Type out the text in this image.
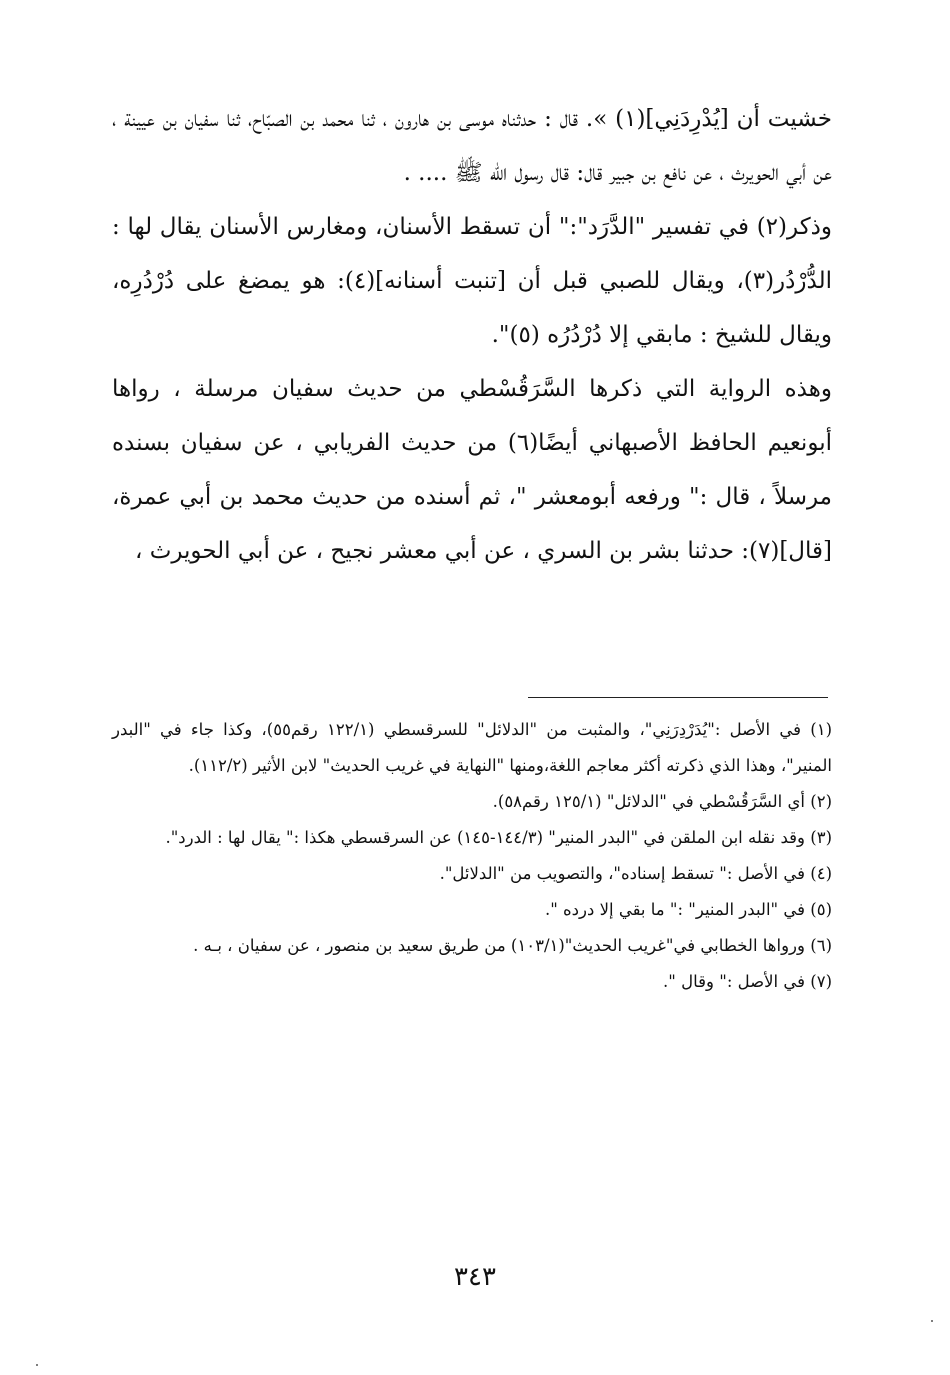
خشيت أن [يُدْرِدَنِي](١) ». قال : حدثناه موسى بن هارون ، ثنا محمد بن الصبّاح، ثنا سفيان بن عيينة ، عن أبي الحويرث ، عن نافع بن جبير قال: قال رسول الله ﷺ .... .

وذكر(٢) في تفسير "الدَّرَد":" أن تسقط الأسنان، ومغارس الأسنان يقال لها : الدُّرْدُر(٣)، ويقال للصبي قبل أن [تنبت أسنانه](٤): هو يمضغ على دُرْدُرِه، ويقال للشيخ : مابقي إلا دُرْدُرُه (٥)".

وهذه الرواية التي ذكرها السَّرَقُسْطي من حديث سفيان مرسلة ، رواها أبونعيم الحافظ الأصبهاني أيضًا(٦) من حديث الفريابي ، عن سفيان بسنده مرسلاً ، قال :" ورفعه أبومعشر "، ثم أسنده من حديث محمد بن أبي عمرة، [قال](٧): حدثنا بشر بن السري ، عن أبي معشر نجيح ، عن أبي الحويرث ،

(١) في الأصل :"يُدَرْدِرَنِي"، والمثبت من "الدلائل" للسرقسطي (١٢٢/١ رقم٥٥)، وكذا جاء في "البدر المنير"، وهذا الذي ذكرته أكثر معاجم اللغة،ومنها "النهاية في غريب الحديث" لابن الأثير (١١٢/٢).

(٢) أي السَّرَقُسْطي في "الدلائل" (١٢٥/١ رقم٥٨).

(٣) وقد نقله ابن الملقن في "البدر المنير" (١٤٤/٣-١٤٥) عن السرقسطي هكذا :" يقال لها : الدرد".

(٤) في الأصل :" تسقط إسناده"، والتصويب من "الدلائل".

(٥) في "البدر المنير" :" ما بقي إلا درده ".

(٦) ورواها الخطابي في"غريب الحديث"(١٠٣/١) من طريق سعيد بن منصور ، عن سفيان ، بـه .

(٧) في الأصل :" وقال ".

٣٤٣
